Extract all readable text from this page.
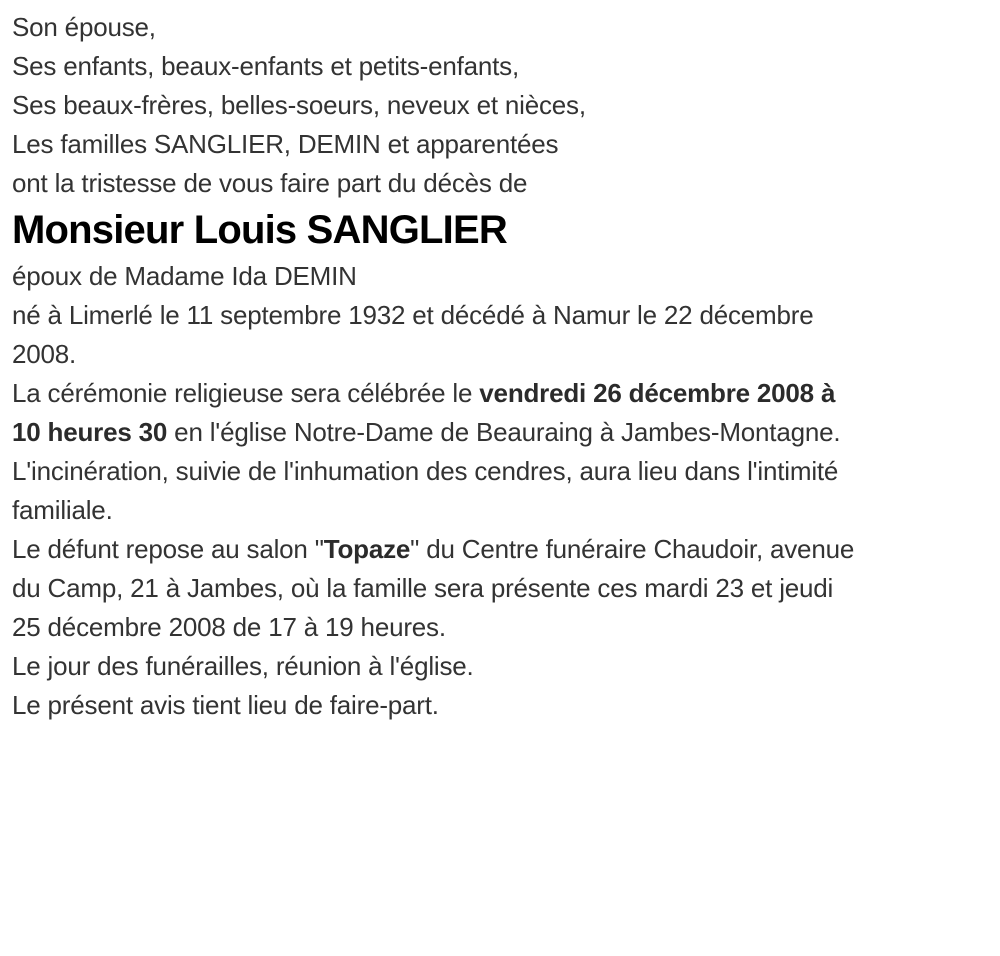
Son épouse,
Ses enfants, beaux-enfants et petits-enfants,
Ses beaux-frères, belles-soeurs, neveux et nièces,
Les familles SANGLIER, DEMIN et apparentées

ont la tristesse de vous faire part du décès de

Monsieur Louis SANGLIER

époux de Madame Ida DEMIN

né à Limerlé le 11 septembre 1932 et décédé à Namur le 22 décembre
2008.

La cérémonie religieuse sera célébrée le vendredi 26 décembre 2008 à
10 heures 30 en l'église Notre-Dame de Beauraing à Jambes-Montagne.

L'incinération, suivie de l'inhumation des cendres, aura lieu dans l'intimité
familiale.

Le défunt repose au salon "Topaze" du Centre funéraire Chaudoir, avenue
du Camp, 21 à Jambes, où la famille sera présente ces mardi 23 et jeudi
25 décembre 2008 de 17 à 19 heures.

Le jour des funérailles, réunion à l'église.

Le présent avis tient lieu de faire-part.
